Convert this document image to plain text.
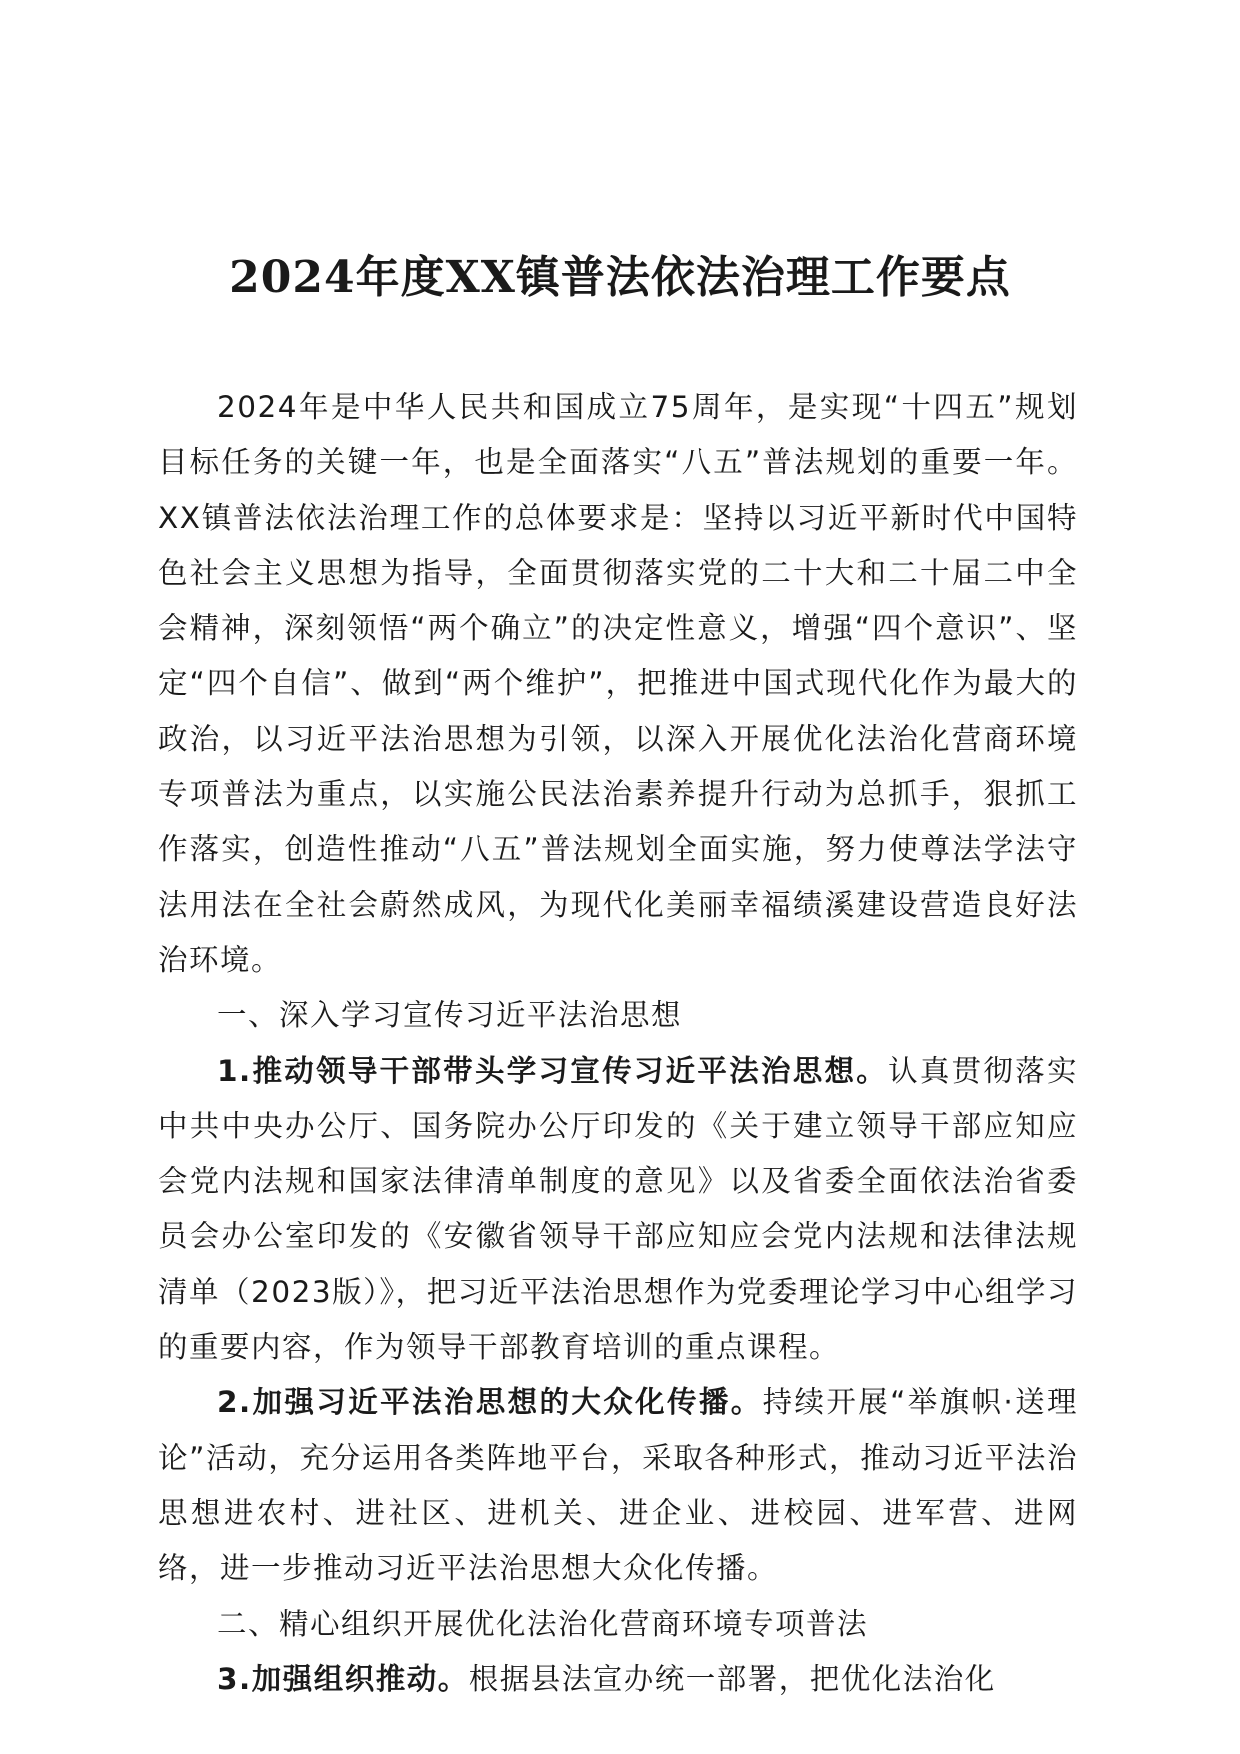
2024年度XX镇普法依法治理工作要点

2024年是中华人民共和国成立75周年，是实现“十四五”规划目标任务的关键一年，也是全面落实“八五”普法规划的重要一年。XX镇普法依法治理工作的总体要求是：坚持以习近平新时代中国特色社会主义思想为指导，全面贯彻落实党的二十大和二十届二中全会精神，深刻领悟“两个确立”的决定性意义，增强“四个意识”、坚定“四个自信”、做到“两个维护”，把推进中国式现代化作为最大的政治，以习近平法治思想为引领，以深入开展优化法治化营商环境专项普法为重点，以实施公民法治素养提升行动为总抓手，狠抓工作落实，创造性推动“八五”普法规划全面实施，努力使尊法学法守法用法在全社会蔚然成风，为现代化美丽幸福绩溪建设营造良好法治环境。

一、深入学习宣传习近平法治思想

1.推动领导干部带头学习宣传习近平法治思想。认真贯彻落实中共中央办公厅、国务院办公厅印发的《关于建立领导干部应知应会党内法规和国家法律清单制度的意见》以及省委全面依法治省委员会办公室印发的《安徽省领导干部应知应会党内法规和法律法规清单（2023版）》，把习近平法治思想作为党委理论学习中心组学习的重要内容，作为领导干部教育培训的重点课程。

2.加强习近平法治思想的大众化传播。持续开展“举旗帜·送理论”活动，充分运用各类阵地平台，采取各种形式，推动习近平法治思想进农村、进社区、进机关、进企业、进校园、进军营、进网络，进一步推动习近平法治思想大众化传播。

二、精心组织开展优化法治化营商环境专项普法

3.加强组织推动。根据县法宣办统一部署，把优化法治化
